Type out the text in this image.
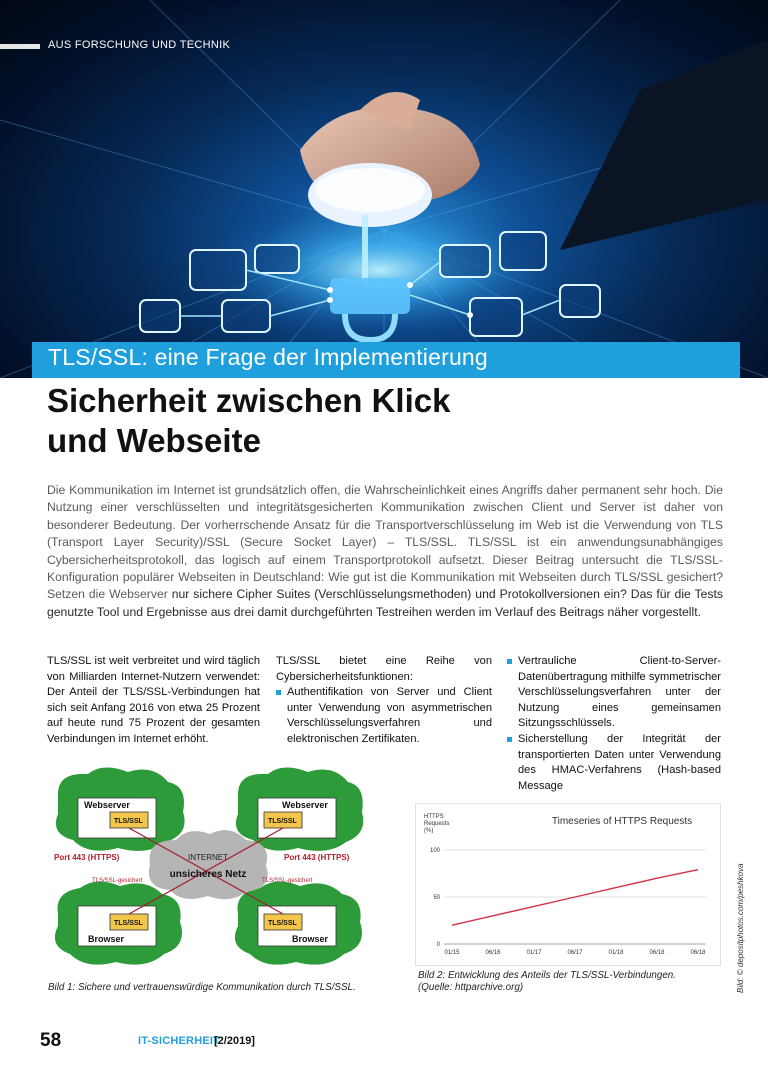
AUS FORSCHUNG UND TECHNIK
TLS/SSL: eine Frage der Implementierung
Sicherheit zwischen Klick
und Webseite

Die Kommunikation im Internet ist grundsätzlich offen, die Wahrscheinlichkeit eines Angriffs daher permanent sehr hoch. Die Nutzung einer verschlüsselten und integritätsgesicherten Kommunikation zwischen Client und Server ist daher von besonderer Bedeutung. Der vorherrschende Ansatz für die Transportverschlüsselung im Web ist die Verwendung von TLS (Transport Layer Security)/SSL (Secure Socket Layer) – TLS/SSL. TLS/SSL ist ein anwendungsunabhängiges Cybersicherheitsprotokoll, das logisch auf einem Transportprotokoll aufsetzt. Dieser Beitrag untersucht die TLS/SSL-Konfiguration populärer Webseiten in Deutschland: Wie gut ist die Kommunikation mit Webseiten durch TLS/SSL gesichert? Setzen die Webserver nur sichere Cipher Suites (Verschlüsselungsmethoden) und Protokollversionen ein? Das für die Tests genutzte Tool und Ergebnisse aus drei damit durchgeführten Testreihen werden im Verlauf des Beitrags näher vorgestellt.

TLS/SSL ist weit verbreitet und wird täglich von Milliarden Internet-Nutzern verwendet: Der Anteil der TLS/SSL-Verbindungen hat sich seit Anfang 2016 von etwa 25 Prozent auf heute rund 75 Prozent der gesamten Verbindungen im Internet erhöht.

TLS/SSL bietet eine Reihe von Cybersicherheitsfunktionen:

Authentifikation von Server und Client unter Verwendung von asymmetrischen Verschlüsselungsverfahren und elektronischen Zertifikaten.
Vertrauliche Client-to-Server-Datenübertragung mithilfe symmetrischer Verschlüsselungsverfahren unter der Nutzung eines gemeinsamen Sitzungsschlüssels.
Sicherstellung der Integrität der transportierten Daten unter Verwendung des HMAC-Verfahrens (Hash-based Message
Webserver	Webserver
Browser	Browser
TLS/SSL	TLS/SSL
TLS/SSL	TLS/SSL
Port 443 (HTTPS)	Port 443 (HTTPS)
TLS/SSL-gesichert	TLS/SSL-gesichert
INTERNET
unsicheres Netz
Bild 1: Sichere und vertrauenswürdige Kommunikation durch TLS/SSL.
Timeseries of HTTPS Requests
HTTPS Requests (%)
100
50
0
01/15	06/16	01/17	06/17	01/18	06/18	06/18
Bild 2: Entwicklung des Anteils der TLS/SSL-Verbindungen.
(Quelle: httparchive.org)	Bild: © depositphotos.com/peshkova
58	IT-SICHERHEIT
[2/2019]
